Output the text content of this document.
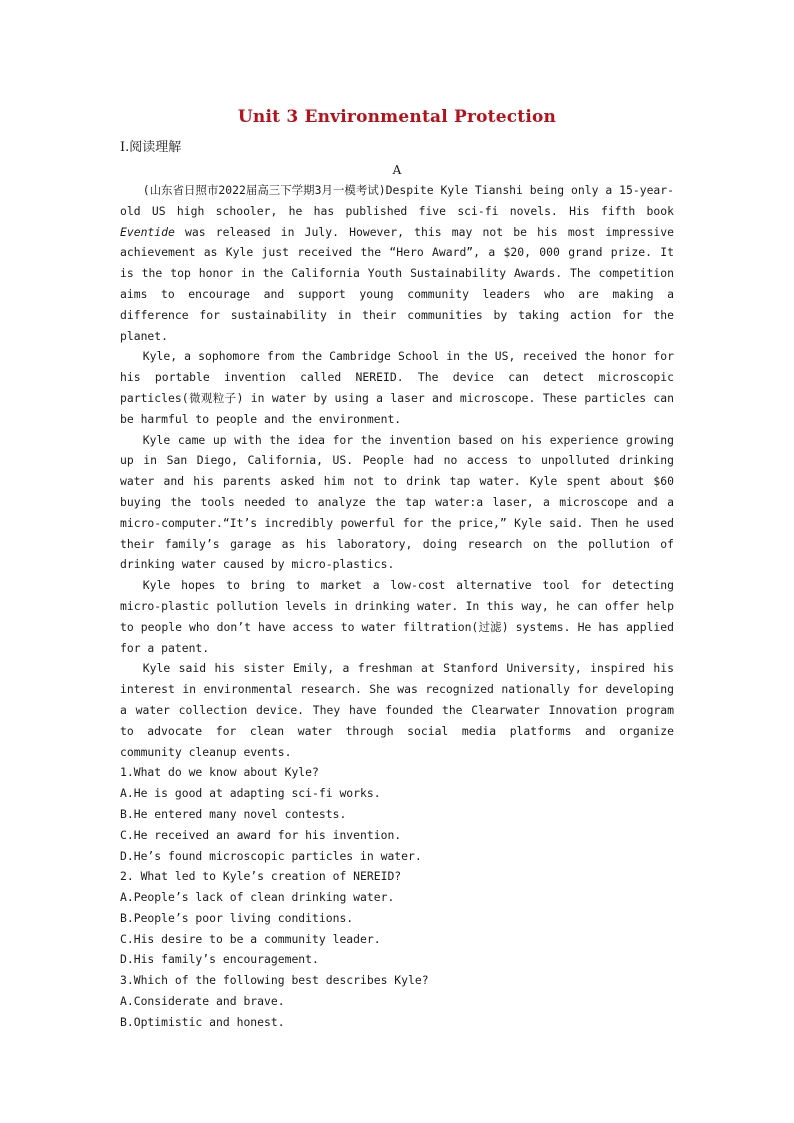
Unit 3 Environmental Protection
Ⅰ.阅读理解
A

(山东省日照市2022届高三下学期3月一模考试)Despite Kyle Tianshi being only a 15-year-old US high schooler, he has published five sci-fi novels. His fifth book Eventide was released in July. However, this may not be his most impressive achievement as Kyle just received the “Hero Award”, a $20, 000 grand prize. It is the top honor in the California Youth Sustainability Awards. The competition aims to encourage and support young community leaders who are making a difference for sustainability in their communities by taking action for the planet.

Kyle, a sophomore from the Cambridge School in the US, received the honor for his portable invention called NEREID. The device can detect microscopic particles(微观粒子) in water by using a laser and microscope. These particles can be harmful to people and the environment.

Kyle came up with the idea for the invention based on his experience growing up in San Diego, California, US. People had no access to unpolluted drinking water and his parents asked him not to drink tap water. Kyle spent about $60 buying the tools needed to analyze the tap water:a laser, a microscope and a micro-computer.“It’s incredibly powerful for the price,” Kyle said. Then he used their family’s garage as his laboratory, doing research on the pollution of drinking water caused by micro-plastics.

Kyle hopes to bring to market a low-cost alternative tool for detecting micro-plastic pollution levels in drinking water. In this way, he can offer help to people who don’t have access to water filtration(过滤) systems. He has applied for a patent.

Kyle said his sister Emily, a freshman at Stanford University, inspired his interest in environmental research. She was recognized nationally for developing a water collection device. They have founded the Clearwater Innovation program to advocate for clean water through social media platforms and organize community cleanup events.

1.What do we know about Kyle?

A.He is good at adapting sci-fi works.

B.He entered many novel contests.

C.He received an award for his invention.

D.He’s found microscopic particles in water.

2. What led to Kyle’s creation of NEREID?

A.People’s lack of clean drinking water.

B.People’s poor living conditions.

C.His desire to be a community leader.

D.His family’s encouragement.

3.Which of the following best describes Kyle?

A.Considerate and brave.

B.Optimistic and honest.
